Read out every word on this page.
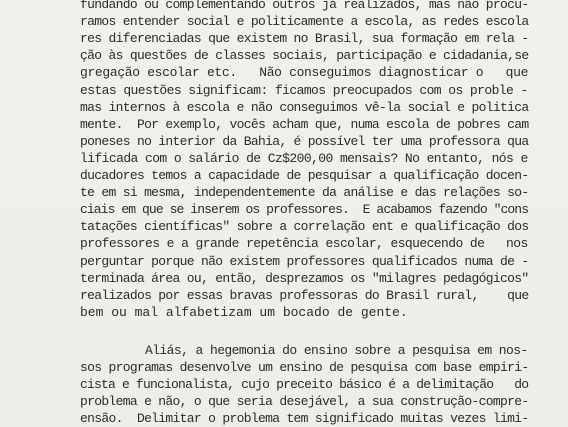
fundando ou complementando outros já realizados, mas não procu-
ramos entender social e politicamente a escola, as redes escola
res diferenciadas que existem no Brasil, sua formação em rela -
ção às questões de classes sociais, participação e cidadania,se
gregação escolar etc.   Não conseguimos diagnosticar o   que
estas questões significam: ficamos preocupados com os proble -
mas internos à escola e não conseguimos vê-la social e politica
mente.  Por exemplo, vocês acham que, numa escola de pobres cam
poneses no interior da Bahia, é possível ter uma professora qua
lificada com o salário de Cz$200,00 mensais? No entanto, nós e
ducadores temos a capacidade de pesquisar a qualificação docen-
te em si mesma, independentemente da análise e das relações so-
ciais em que se inserem os professores.  E acabamos fazendo "cons
tatações científicas" sobre a correlação ent e qualificação dos
professores e a grande repetência escolar, esquecendo de   nos
perguntar porque não existem professores qualificados numa de -
terminada área ou, então, desprezamos os "milagres pedagógicos"
realizados por essas bravas professoras do Brasil rural,    que
bem ou mal alfabetizam um bocado de gente.
Aliás, a hegemonia do ensino sobre a pesquisa em nos-
sos programas desenvolve um ensino de pesquisa com base empiri-
cista e funcionalista, cujo preceito básico é a delimitação   do
problema e não, o que seria desejável, a sua construção-compre-
ensão.  Delimitar o problema tem significado muitas vezes limi-
